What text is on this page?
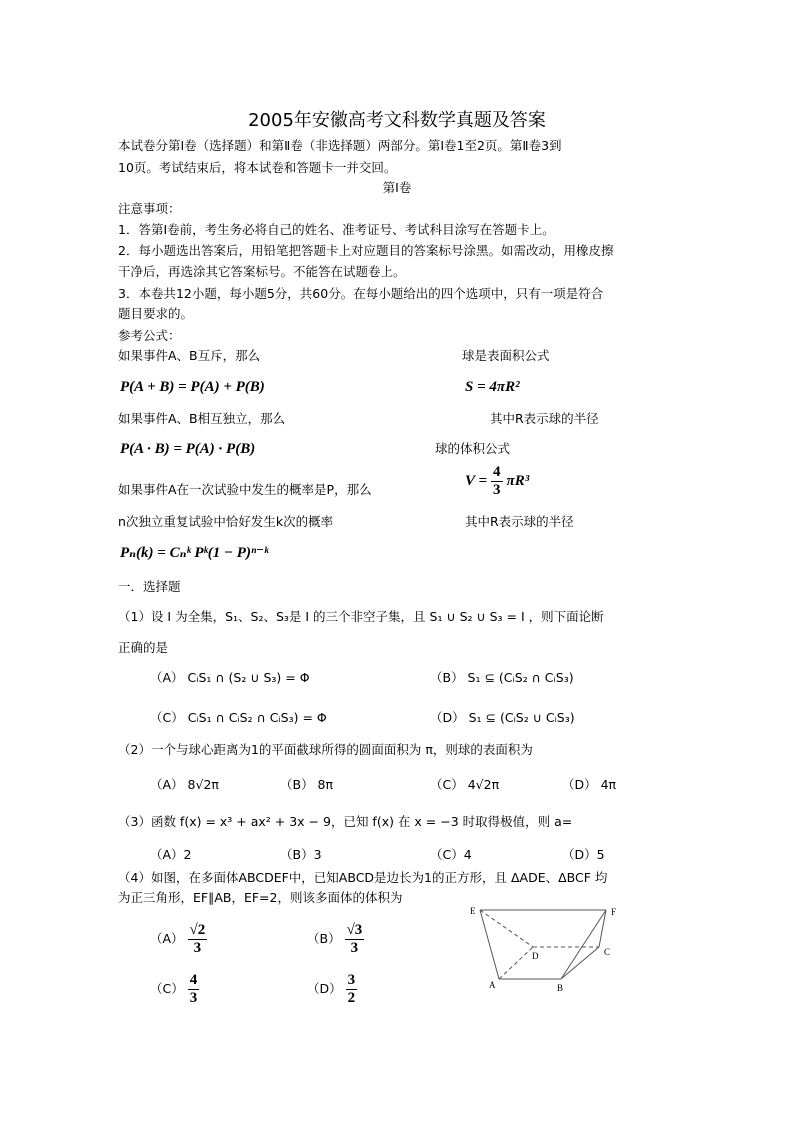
2005年安徽高考文科数学真题及答案
本试卷分第Ⅰ卷（选择题）和第Ⅱ卷（非选择题）两部分。第Ⅰ卷1至2页。第Ⅱ卷3到
10页。考试结束后，将本试卷和答题卡一并交回。
第Ⅰ卷
注意事项：
1．答第Ⅰ卷前，考生务必将自己的姓名、准考证号、考试科目涂写在答题卡上。
2．每小题选出答案后，用铅笔把答题卡上对应题目的答案标号涂黑。如需改动，用橡皮擦
干净后，再选涂其它答案标号。不能答在试题卷上。
3．本卷共12小题，每小题5分，共60分。在每小题给出的四个选项中，只有一项是符合
题目要求的。
参考公式：
如果事件A、B互斥，那么	球是表面积公式
P(A + B) = P(A) + P(B)	S = 4πR²
如果事件A、B相互独立，那么	其中R表示球的半径
P(A · B) = P(A) · P(B)	球的体积公式
如果事件A在一次试验中发生的概率是P，那么
$V = \frac{4}{3} \pi R^3$
n次独立重复试验中恰好发生k次的概率	其中R表示球的半径
Pₙ(k) = Cₙᵏ Pᵏ(1 − P)ⁿ⁻ᵏ
一．选择题
（1）设 I 为全集，S₁、S₂、S₃是 I 的三个非空子集，且 S₁ ∪ S₂ ∪ S₃ = I ，则下面论断
正确的是
（A） CᵢS₁ ∩ (S₂ ∪ S₃) = Φ	（B） S₁ ⊆ (CᵢS₂ ∩ CᵢS₃)
（C） CᵢS₁ ∩ CᵢS₂ ∩ CᵢS₃) = Φ	（D） S₁ ⊆ (CᵢS₂ ∪ CᵢS₃)
（2）一个与球心距离为1的平面截球所得的圆面面积为 π，则球的表面积为
（A） 8√2π	（B） 8π	（C） 4√2π	（D） 4π
（3）函数 f(x) = x³ + ax² + 3x − 9，已知 f(x) 在 x = −3 时取得极值，则 a=
（A）2	（B）3	（C）4	（D）5
（4）如图，在多面体ABCDEF中，已知ABCD是边长为1的正方形，且 ΔADE、ΔBCF 均
为正三角形，EF∥AB，EF=2，则该多面体的体积为
$(A) \frac{√2}{3}$	$(B) \frac{√3}{3}$
$(C) \frac{4}{3}$	$(D) \frac{3}{2}$
E	F
D	C
A	B
